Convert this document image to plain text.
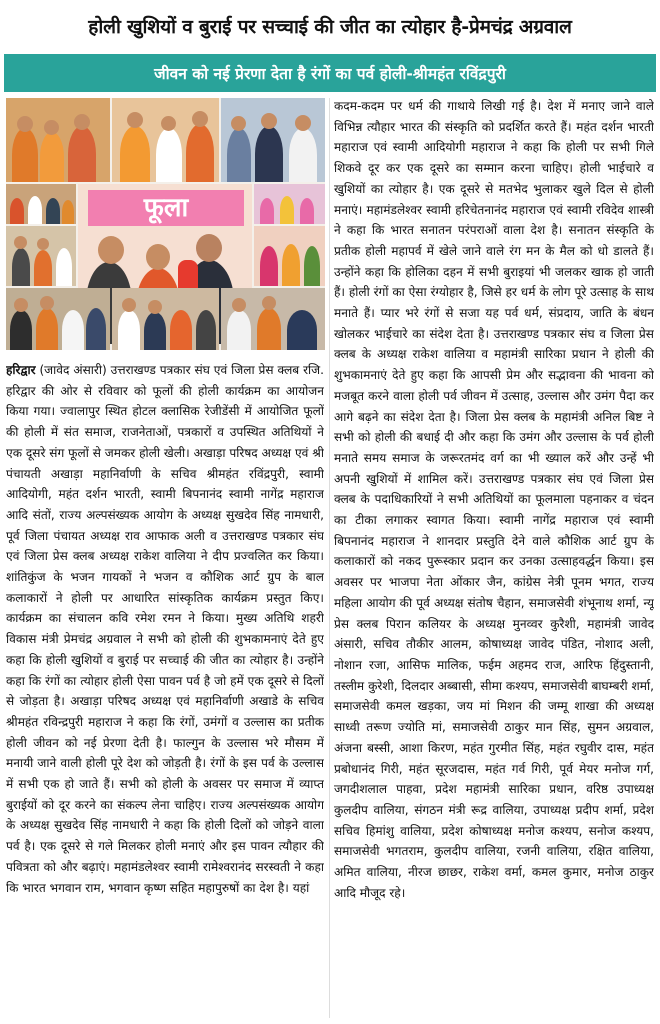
होली खुशियों व बुराई पर सच्चाई की जीत का त्योहार है-प्रेमचंद्र अग्रवाल
जीवन को नई प्रेरणा देता है रंगों का पर्व होली-श्रीमहंत रविंद्रपुरी
फूला
हरिद्वार (जावेद अंसारी) उत्तराखण्ड पत्रकार संघ एवं जिला प्रेस क्लब रजि. हरिद्वार की ओर से रविवार को फूलों की होली कार्यक्रम का आयोजन किया गया। ज्वालापुर स्थित होटल क्लासिक रेजीडेंसी में आयोजित फूलों की होली में संत समाज, राजनेताओं, पत्रकारों व उपस्थित अतिथियों ने एक दूसरे संग फूलों से जमकर होली खेली। अखाड़ा परिषद अध्यक्ष एवं श्री पंचायती अखाड़ा महानिर्वाणी के सचिव श्रीमहंत रविंद्रपुरी, स्वामी आदियोगी, महंत दर्शन भारती, स्वामी बिपनानंद स्वामी नागेंद्र महाराज आदि संतों, राज्य अल्पसंख्यक आयोग के अध्यक्ष सुखदेव सिंह नामधारी, पूर्व जिला पंचायत अध्यक्ष राव आफाक अली व उत्तराखण्ड पत्रकार संघ एवं जिला प्रेस क्लब अध्यक्ष राकेश वालिया ने दीप प्रज्वलित कर किया। शांतिकुंज के भजन गायकों ने भजन व कौशिक आर्ट ग्रुप के बाल कलाकारों ने होली पर आधारित सांस्कृतिक कार्यक्रम प्रस्तुत किए। कार्यक्रम का संचालन कवि रमेश रमन ने किया। मुख्य अतिथि शहरी विकास मंत्री प्रेमचंद्र अग्रवाल ने सभी को होली की शुभकामनाएं देते हुए कहा कि होली खुशियों व बुराई पर सच्चाई की जीत का त्योहार है। उन्होंने कहा कि रंगों का त्योहार होली ऐसा पावन पर्व है जो हमें एक दूसरे से दिलों से जोड़ता है। अखाड़ा परिषद अध्यक्ष एवं महानिर्वाणी अखाडे के सचिव श्रीमहंत रविन्द्रपुरी महाराज ने कहा कि रंगों, उमंगों व उल्लास का प्रतीक होली जीवन को नई प्रेरणा देती है। फाल्गुन के उल्लास भरे मौसम में मनायी जाने वाली होली पूरे देश को जोड़ती है। रंगों के इस पर्व के उल्लास में सभी एक हो जाते हैं। सभी को होली के अवसर पर समाज में व्याप्त बुराईयों को दूर करने का संकल्प लेना चाहिए। राज्य अल्पसंख्यक आयोग के अध्यक्ष सुखदेव सिंह नामधारी ने कहा कि होली दिलों को जोड़ने वाला पर्व है। एक दूसरे से गले मिलकर होली मनाएं और इस पावन त्यौहार की पवित्रता को और बढ़ाएं। महामंडलेश्वर स्वामी रामेश्वरानंद सरस्वती ने कहा कि भारत भगवान राम, भगवान कृष्ण सहित महापुरुषों का देश है। यहां
कदम-कदम पर धर्म की गाथाये लिखी गई है। देश में मनाए जाने वाले विभिन्न त्यौहार भारत की संस्कृति को प्रदर्शित करते हैं। महंत दर्शन भारती महाराज एवं स्वामी आदियोगी महाराज ने कहा कि होली पर सभी गिले शिकवे दूर कर एक दूसरे का सम्मान करना चाहिए। होली भाईचारे व खुशियों का त्योहार है। एक दूसरे से मतभेद भुलाकर खुले दिल से होली मनाएं। महामंडलेश्वर स्वामी हरिचेतनानंद महाराज एवं स्वामी रविदेव शास्त्री ने कहा कि भारत सनातन परंपराओं वाला देश है। सनातन संस्कृति के प्रतीक होली महापर्व में खेले जाने वाले रंग मन के मैल को धो डालते हैं। उन्होंने कहा कि होलिका दहन में सभी बुराइयां भी जलकर खाक हो जाती हैं। होली रंगों का ऐसा रंग्योहार है, जिसे हर धर्म के लोग पूरे उत्साह के साथ मनाते हैं। प्यार भरे रंगों से सजा यह पर्व धर्म, संप्रदाय, जाति के बंधन खोलकर भाईचारे का संदेश देता है। उत्तराखण्ड पत्रकार संघ व जिला प्रेस क्लब के अध्यक्ष राकेश वालिया व महामंत्री सारिका प्रधान ने होली की शुभकामनाएं देते हुए कहा कि आपसी प्रेम और सद्भावना की भावना को मजबूत करने वाला होली पर्व जीवन में उत्साह, उल्लास और उमंग पैदा कर आगे बढ़ने का संदेश देता है। जिला प्रेस क्लब के महामंत्री अनिल बिष्ट ने सभी को होली की बधाई दी और कहा कि उमंग और उल्लास के पर्व होली मनाते समय समाज के जरूरतमंद वर्ग का भी ख्याल करें और उन्हें भी अपनी खुशियों में शामिल करें। उत्तराखण्ड पत्रकार संघ एवं जिला प्रेस क्लब के पदाधिकारियों ने सभी अतिथियों का फूलमाला पहनाकर व चंदन का टीका लगाकर स्वागत किया। स्वामी नागेंद्र महाराज एवं स्वामी बिपनानंद महाराज ने शानदार प्रस्तुति देने वाले कौशिक आर्ट ग्रुप के कलाकारों को नकद पुरूस्कार प्रदान कर उनका उत्साहवर्द्धन किया। इस अवसर पर भाजपा नेता ओंकार जैन, कांग्रेस नेत्री पूनम भगत, राज्य महिला आयोग की पूर्व अध्यक्ष संतोष चैहान, समाजसेवी शंभूनाथ शर्मा, न्यू प्रेस क्लब पिरान कलियर के अध्यक्ष मुनव्वर कुरैशी, महामंत्री जावेद अंसारी, सचिव तौकीर आलम, कोषाध्यक्ष जावेद पंडित, नोशाद अली, नोशान रजा, आसिफ मालिक, फईम अहमद राज, आरिफ हिंदुस्तानी, तस्लीम कुरेशी, दिलदार अब्बासी, सीमा कश्यप, समाजसेवी बाघम्बरी शर्मा, समाजसेवी कमल खड़का, जय मां मिशन की जम्मू शाखा की अध्यक्ष साध्वी तरूण ज्योति मां, समाजसेवी ठाकुर मान सिंह, सुमन अग्रवाल, अंजना बस्सी, आशा किरण, महंत गुरमीत सिंह, महंत रघुवीर दास, महंत प्रबोधानंद गिरी, महंत सूरजदास, महंत गर्व गिरी, पूर्व मेयर मनोज गर्ग, जगदीशलाल पाहवा, प्रदेश महामंत्री सारिका प्रधान, वरिष्ठ उपाध्यक्ष कुलदीप वालिया, संगठन मंत्री रूद्र वालिया, उपाध्यक्ष प्रदीप शर्मा, प्रदेश सचिव हिमांशु वालिया, प्रदेश कोषाध्यक्ष मनोज कश्यप, सनोज कश्यप, समाजसेवी भगतराम, कुलदीप वालिया, रजनी वालिया, रक्षित वालिया, अमित वालिया, नीरज छाछर, राकेश वर्मा, कमल कुमार, मनोज ठाकुर आदि मौजूद रहे।
